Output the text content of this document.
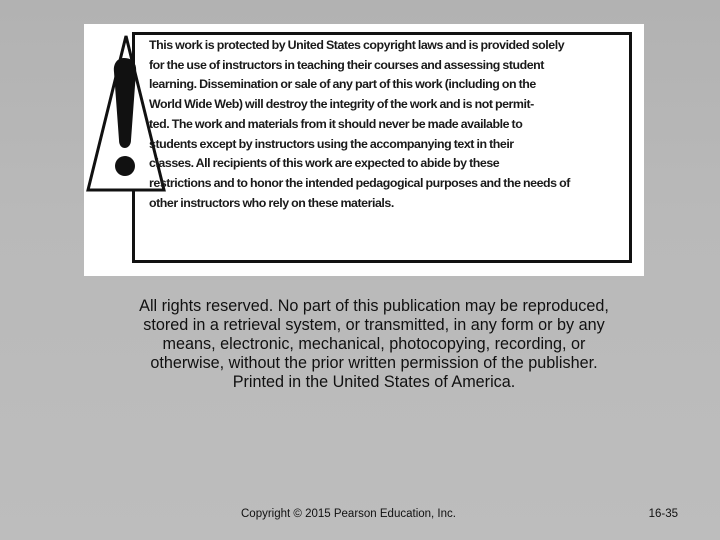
This work is protected by United States copyright laws and is provided solely
for the use of instructors in teaching their courses and assessing student
learning. Dissemination or sale of any part of this work (including on the
World Wide Web) will destroy the integrity of the work and is not permit-
ted. The work and materials from it should never be made available to
students except by instructors using the accompanying text in their
classes. All recipients of this work are expected to abide by these
restrictions and to honor the intended pedagogical purposes and the needs of
other instructors who rely on these materials.

All rights reserved. No part of this publication may be reproduced,
stored in a retrieval system, or transmitted, in any form or by any
means, electronic, mechanical, photocopying, recording, or
otherwise, without the prior written permission of the publisher.
Printed in the United States of America.

Copyright © 2015 Pearson Education, Inc.	16-35
